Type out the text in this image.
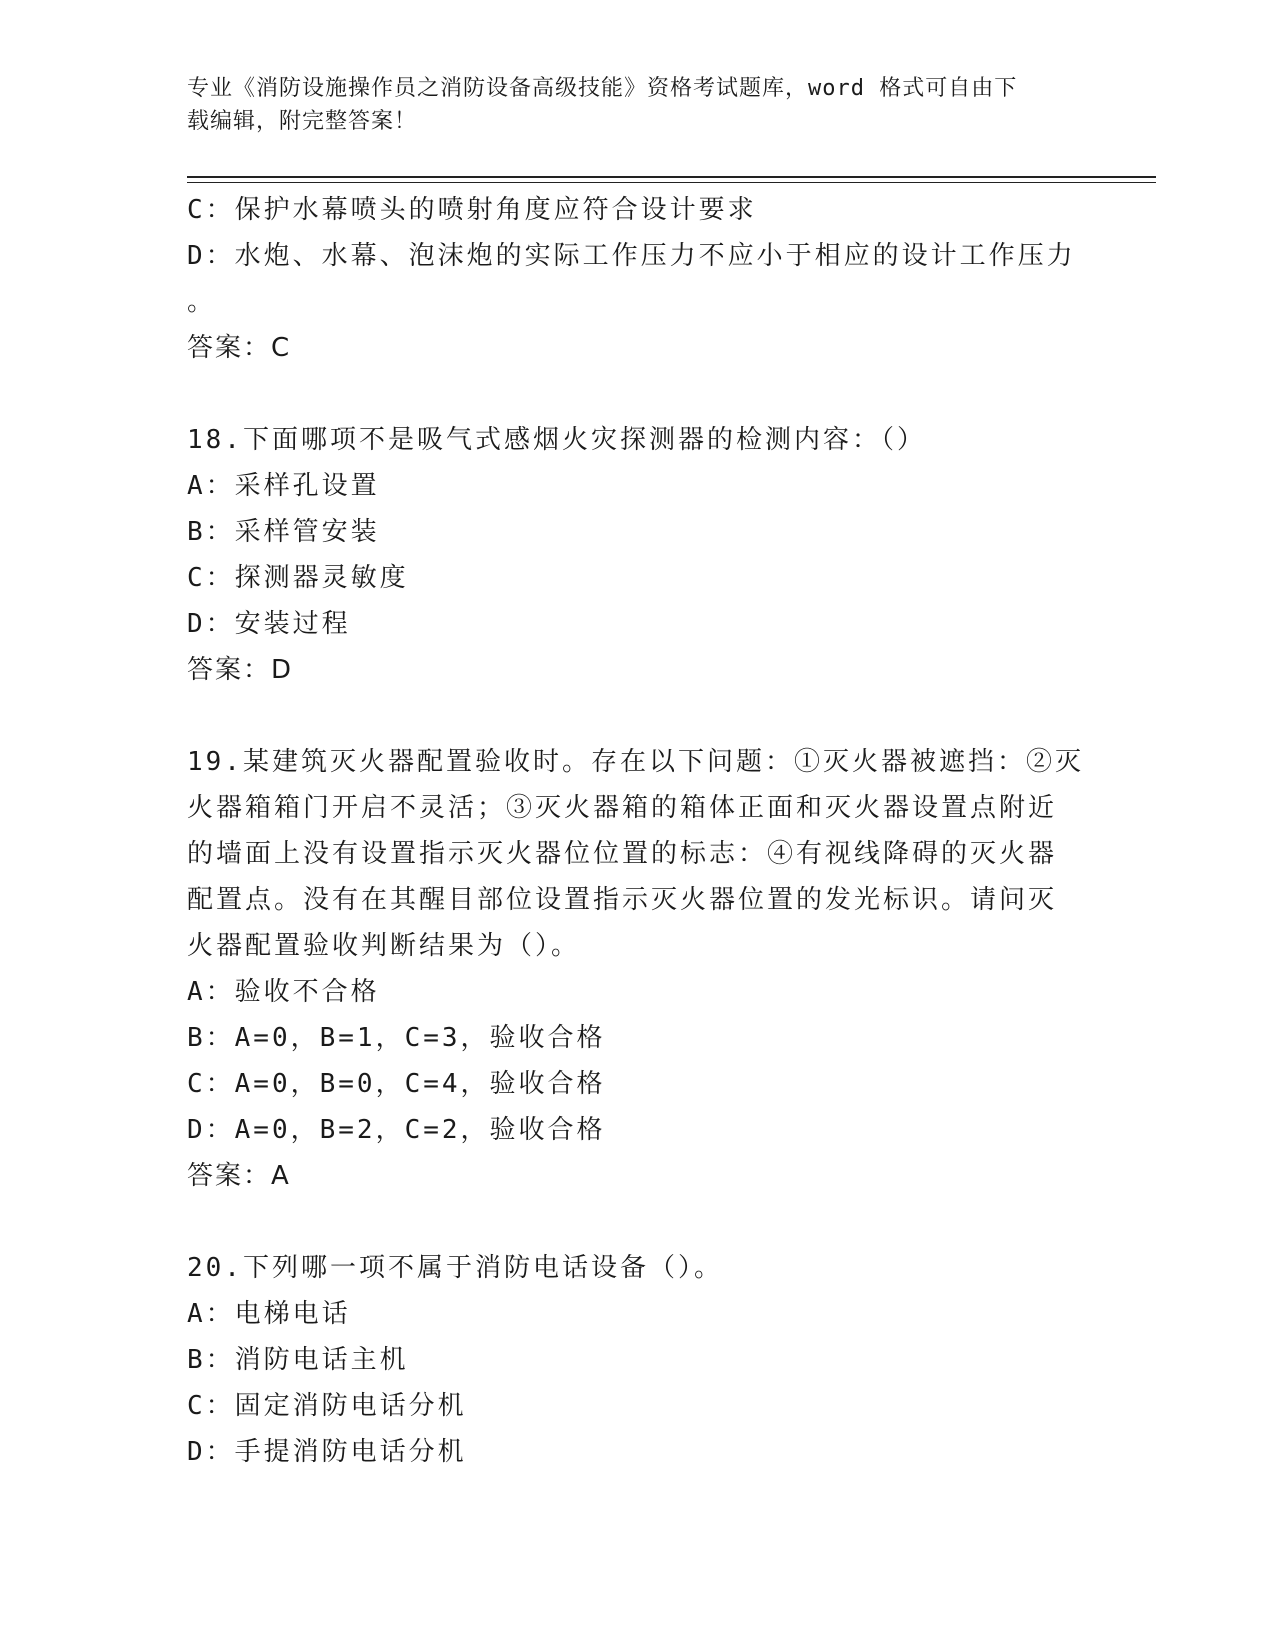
专业《消防设施操作员之消防设备高级技能》资格考试题库，word 格式可自由下
载编辑，附完整答案！
C：保护水幕喷头的喷射角度应符合设计要求
D：水炮、水幕、泡沫炮的实际工作压力不应小于相应的设计工作压力
。
答案：C
18.下面哪项不是吸气式感烟火灾探测器的检测内容：（）
A：采样孔设置
B：采样管安装
C：探测器灵敏度
D：安装过程
答案：D
19.某建筑灭火器配置验收时。存在以下问题：①灭火器被遮挡：②灭
火器箱箱门开启不灵活；③灭火器箱的箱体正面和灭火器设置点附近
的墙面上没有设置指示灭火器位位置的标志：④有视线降碍的灭火器
配置点。没有在其醒目部位设置指示灭火器位置的发光标识。请问灭
火器配置验收判断结果为（）。
A：验收不合格
B：A=0，B=1，C=3，验收合格
C：A=0，B=0，C=4，验收合格
D：A=0，B=2，C=2，验收合格
答案：A
20.下列哪一项不属于消防电话设备（）。
A：电梯电话
B：消防电话主机
C：固定消防电话分机
D：手提消防电话分机
